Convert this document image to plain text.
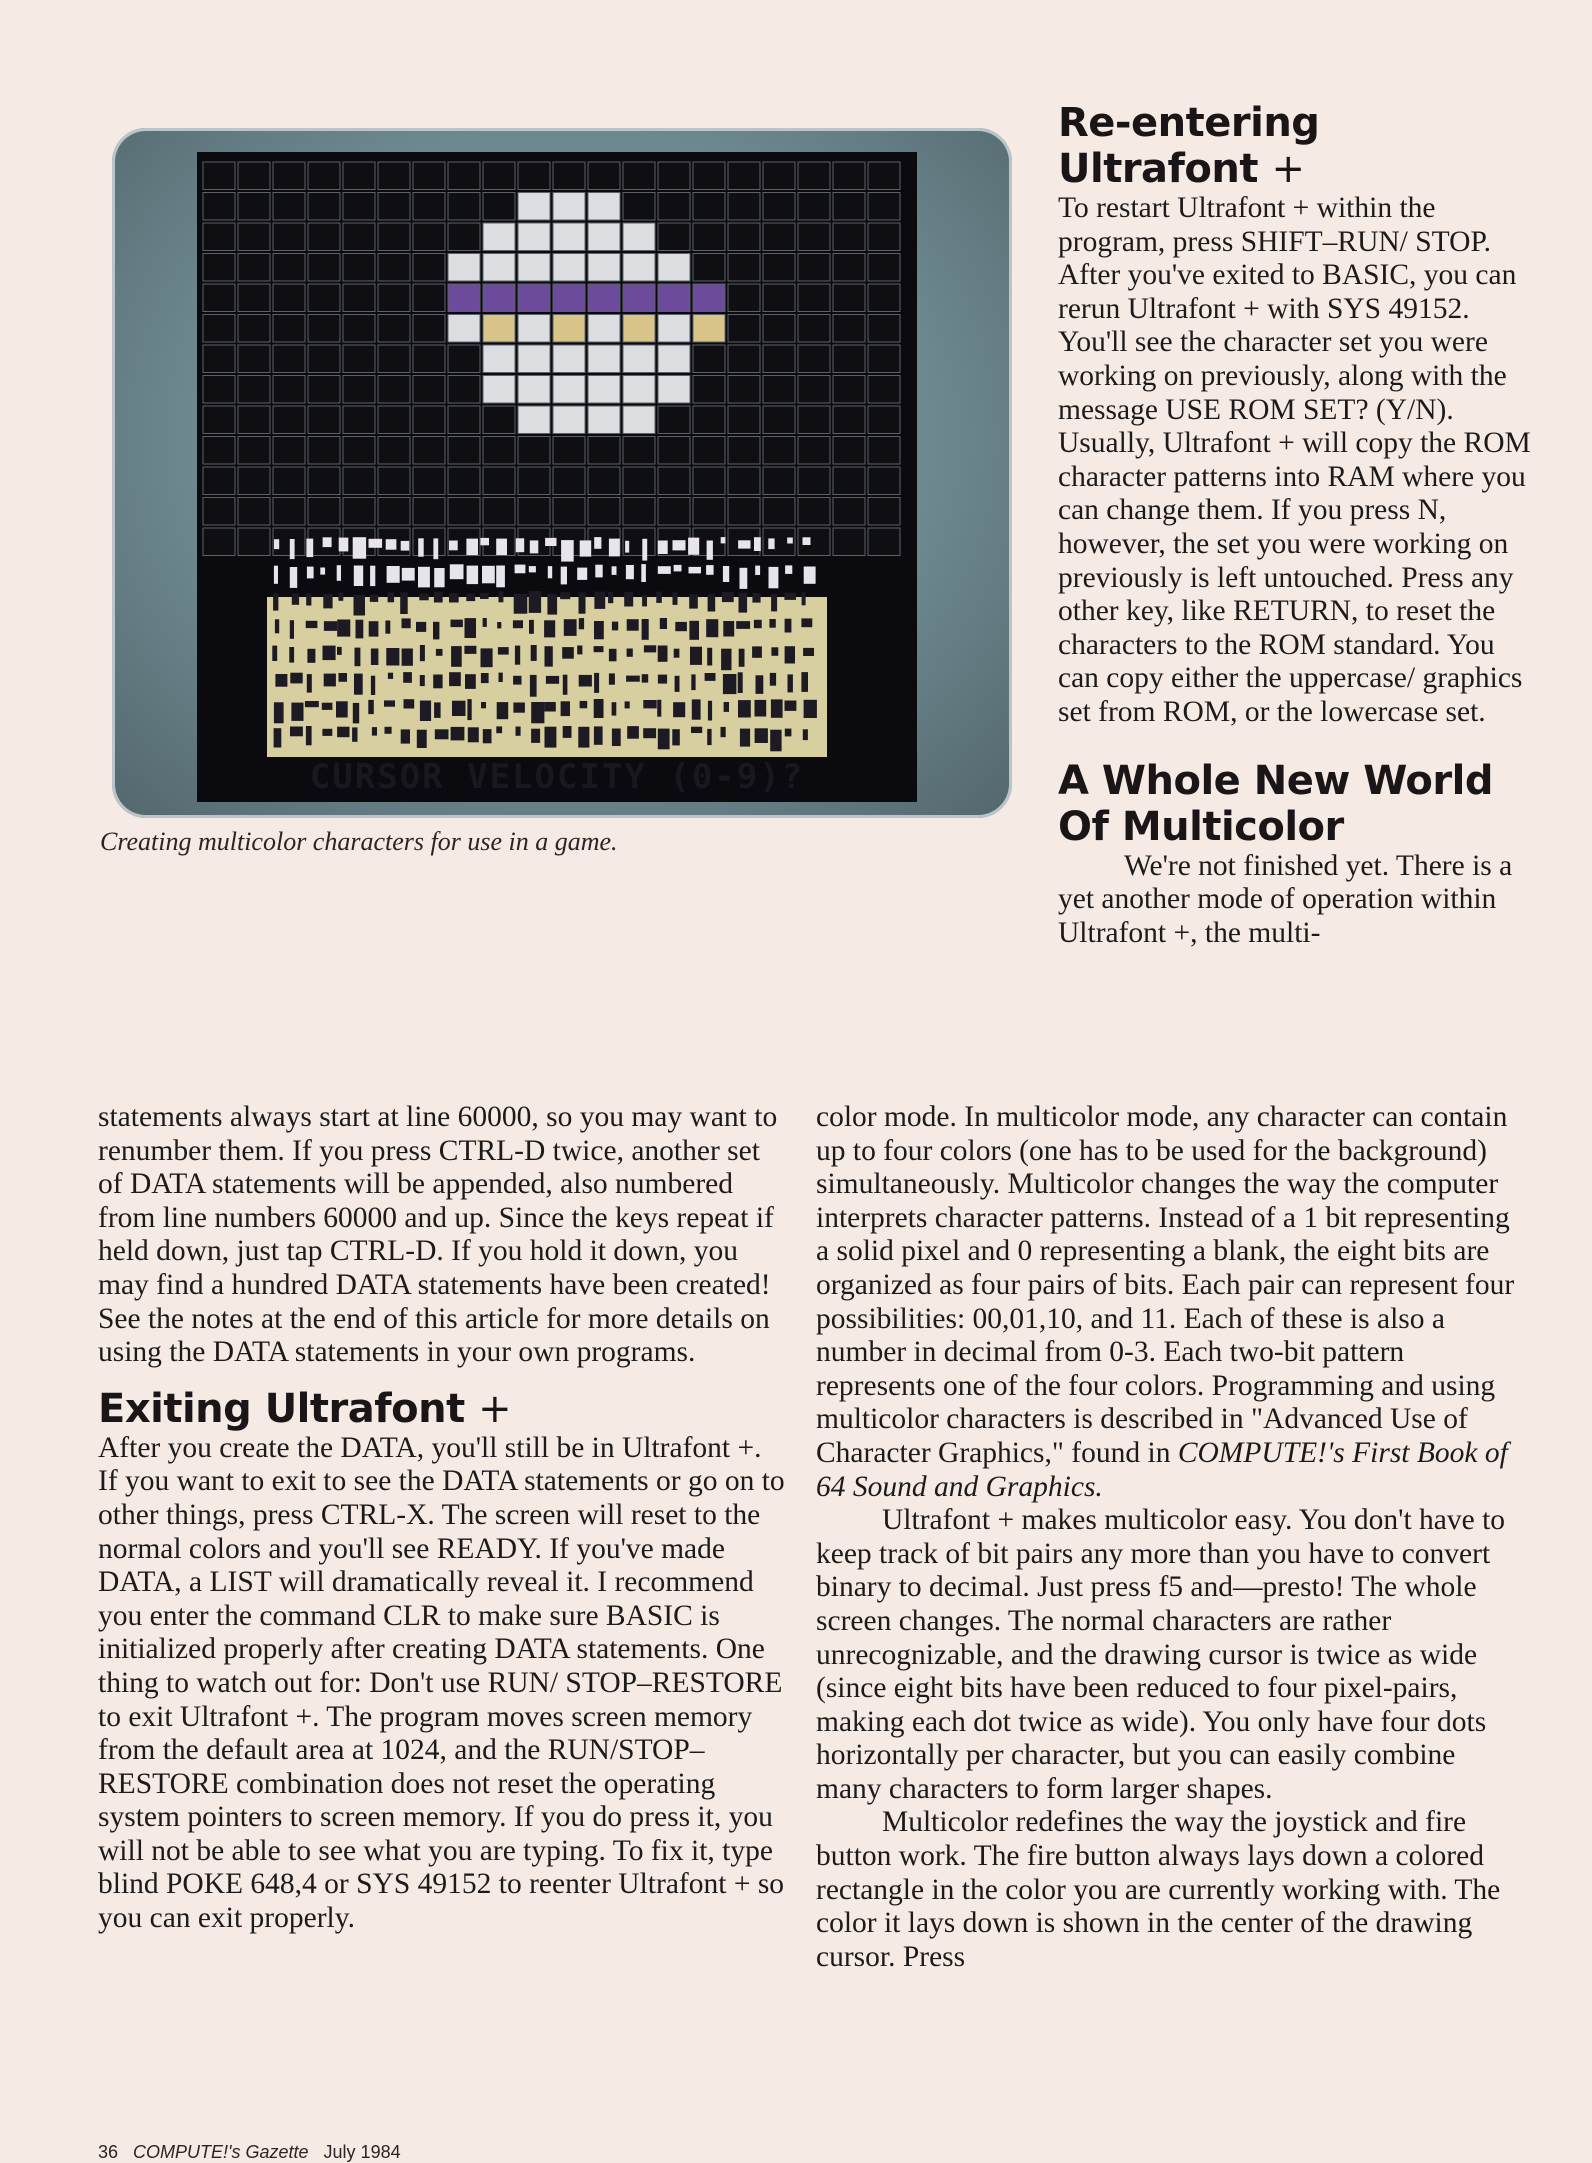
CURSOR VELOCITY (0-9)?
Creating multicolor characters for use in a game.
Re-entering
Ultrafont +

To restart Ultrafont + within the program, press SHIFT–RUN/ STOP. After you've exited to BASIC, you can rerun Ultrafont + with SYS 49152. You'll see the character set you were working on previously, along with the message USE ROM SET? (Y/N). Usually, Ultrafont + will copy the ROM character patterns into RAM where you can change them. If you press N, however, the set you were working on previously is left untouched. Press any other key, like RETURN, to reset the characters to the ROM standard. You can copy either the uppercase/ graphics set from ROM, or the lowercase set.

A Whole New World
Of Multicolor

We're not finished yet. There is a yet another mode of operation within Ultrafont +, the multi-

statements always start at line 60000, so you may want to renumber them. If you press CTRL-D twice, another set of DATA statements will be appended, also numbered from line numbers 60000 and up. Since the keys repeat if held down, just tap CTRL-D. If you hold it down, you may find a hundred DATA statements have been created! See the notes at the end of this article for more details on using the DATA statements in your own programs.

Exiting Ultrafont +

After you create the DATA, you'll still be in Ultrafont +. If you want to exit to see the DATA statements or go on to other things, press CTRL-X. The screen will reset to the normal colors and you'll see READY. If you've made DATA, a LIST will dramatically reveal it. I recommend you enter the command CLR to make sure BASIC is initialized properly after creating DATA statements. One thing to watch out for: Don't use RUN/ STOP–RESTORE to exit Ultrafont +. The program moves screen memory from the default area at 1024, and the RUN/STOP–RESTORE combination does not reset the operating system pointers to screen memory. If you do press it, you will not be able to see what you are typing. To fix it, type blind POKE 648,4 or SYS 49152 to reenter Ultrafont + so you can exit properly.

color mode. In multicolor mode, any character can contain up to four colors (one has to be used for the background) simultaneously. Multicolor changes the way the computer interprets character patterns. Instead of a 1 bit representing a solid pixel and 0 representing a blank, the eight bits are organized as four pairs of bits. Each pair can represent four possibilities: 00,01,10, and 11. Each of these is also a number in decimal from 0-3. Each two-bit pattern represents one of the four colors. Programming and using multicolor characters is described in "Advanced Use of Character Graphics," found in COMPUTE!'s First Book of 64 Sound and Graphics.

Ultrafont + makes multicolor easy. You don't have to keep track of bit pairs any more than you have to convert binary to decimal. Just press f5 and—presto! The whole screen changes. The normal characters are rather unrecognizable, and the drawing cursor is twice as wide (since eight bits have been reduced to four pixel-pairs, making each dot twice as wide). You only have four dots horizontally per character, but you can easily combine many characters to form larger shapes.

Multicolor redefines the way the joystick and fire button work. The fire button always lays down a colored rectangle in the color you are currently working with. The color it lays down is shown in the center of the drawing cursor. Press

36 COMPUTE!'s Gazette July 1984
